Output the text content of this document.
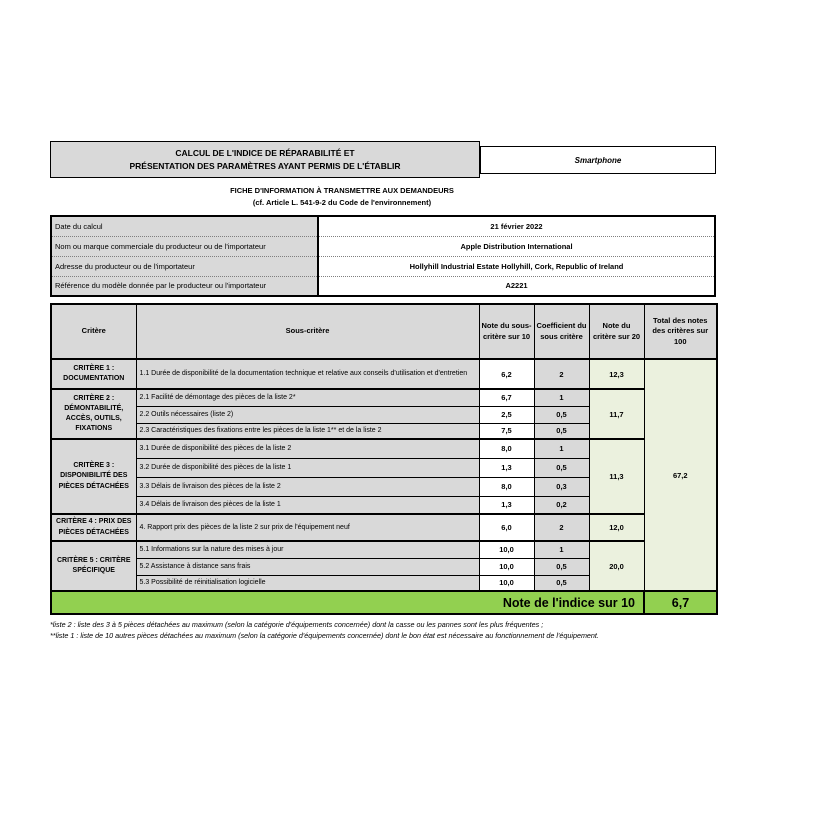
CALCUL DE L'INDICE DE RÉPARABILITÉ ET
PRÉSENTATION DES PARAMÈTRES AYANT PERMIS DE L'ÉTABLIR
Smartphone
FICHE D'INFORMATION À TRANSMETTRE AUX DEMANDEURS
(cf. Article L. 541-9-2 du Code de l'environnement)
Date du calcul	21 février 2022
Nom ou marque commerciale du producteur ou de l'importateur	Apple Distribution International
Adresse du producteur ou de l'importateur	Hollyhill Industrial Estate Hollyhill, Cork, Republic of Ireland
Référence du modèle donnée par le producteur ou l'importateur	A2221
Critère	Sous-critère	Note du sous-critère sur 10	Coefficient du sous critère	Note du critère sur 20	Total des notes des critères sur 100
CRITÈRE 1 : DOCUMENTATION	1.1 Durée de disponibilité de la documentation technique et relative aux conseils d'utilisation et d'entretien	6,2	2	12,3	67,2
CRITÈRE 2 : DÉMONTABILITÉ, ACCÈS, OUTILS, FIXATIONS	2.1 Facilité de démontage des pièces de la liste 2*	6,7	1	11,7	
	2.2 Outils nécessaires (liste 2)	2,5	0,5		
	2.3 Caractéristiques des fixations entre les pièces de la liste 1** et de la liste 2	7,5	0,5		
CRITÈRE 3 : DISPONIBILITÉ DES PIÈCES DÉTACHÉES	3.1 Durée de disponibilité des pièces de la liste 2	8,0	1	11,3	
	3.2 Durée de disponibilité des pièces de la liste 1	1,3	0,5		
	3.3 Délais de livraison des pièces de la liste 2	8,0	0,3		
	3.4 Délais de livraison des pièces de la liste 1	1,3	0,2		
CRITÈRE 4 : PRIX DES PIÈCES DÉTACHÉES	4. Rapport prix des pièces de la liste 2 sur prix de l'équipement neuf	6,0	2	12,0	
CRITÈRE 5 : CRITÈRE SPÉCIFIQUE	5.1 Informations sur la nature des mises à jour	10,0	1	20,0	
	5.2 Assistance à distance sans frais	10,0	0,5		
	5.3 Possibilité de réinitialisation logicielle	10,0	0,5		
Note de l'indice sur 10					6,7
*liste 2 : liste des 3 à 5 pièces détachées au maximum (selon la catégorie d'équipements concernée) dont la casse ou les pannes sont les plus fréquentes ;
**liste 1 : liste de 10 autres pièces détachées au maximum (selon la catégorie d'équipements concernée) dont le bon état est nécessaire au fonctionnement de l'équipement.
